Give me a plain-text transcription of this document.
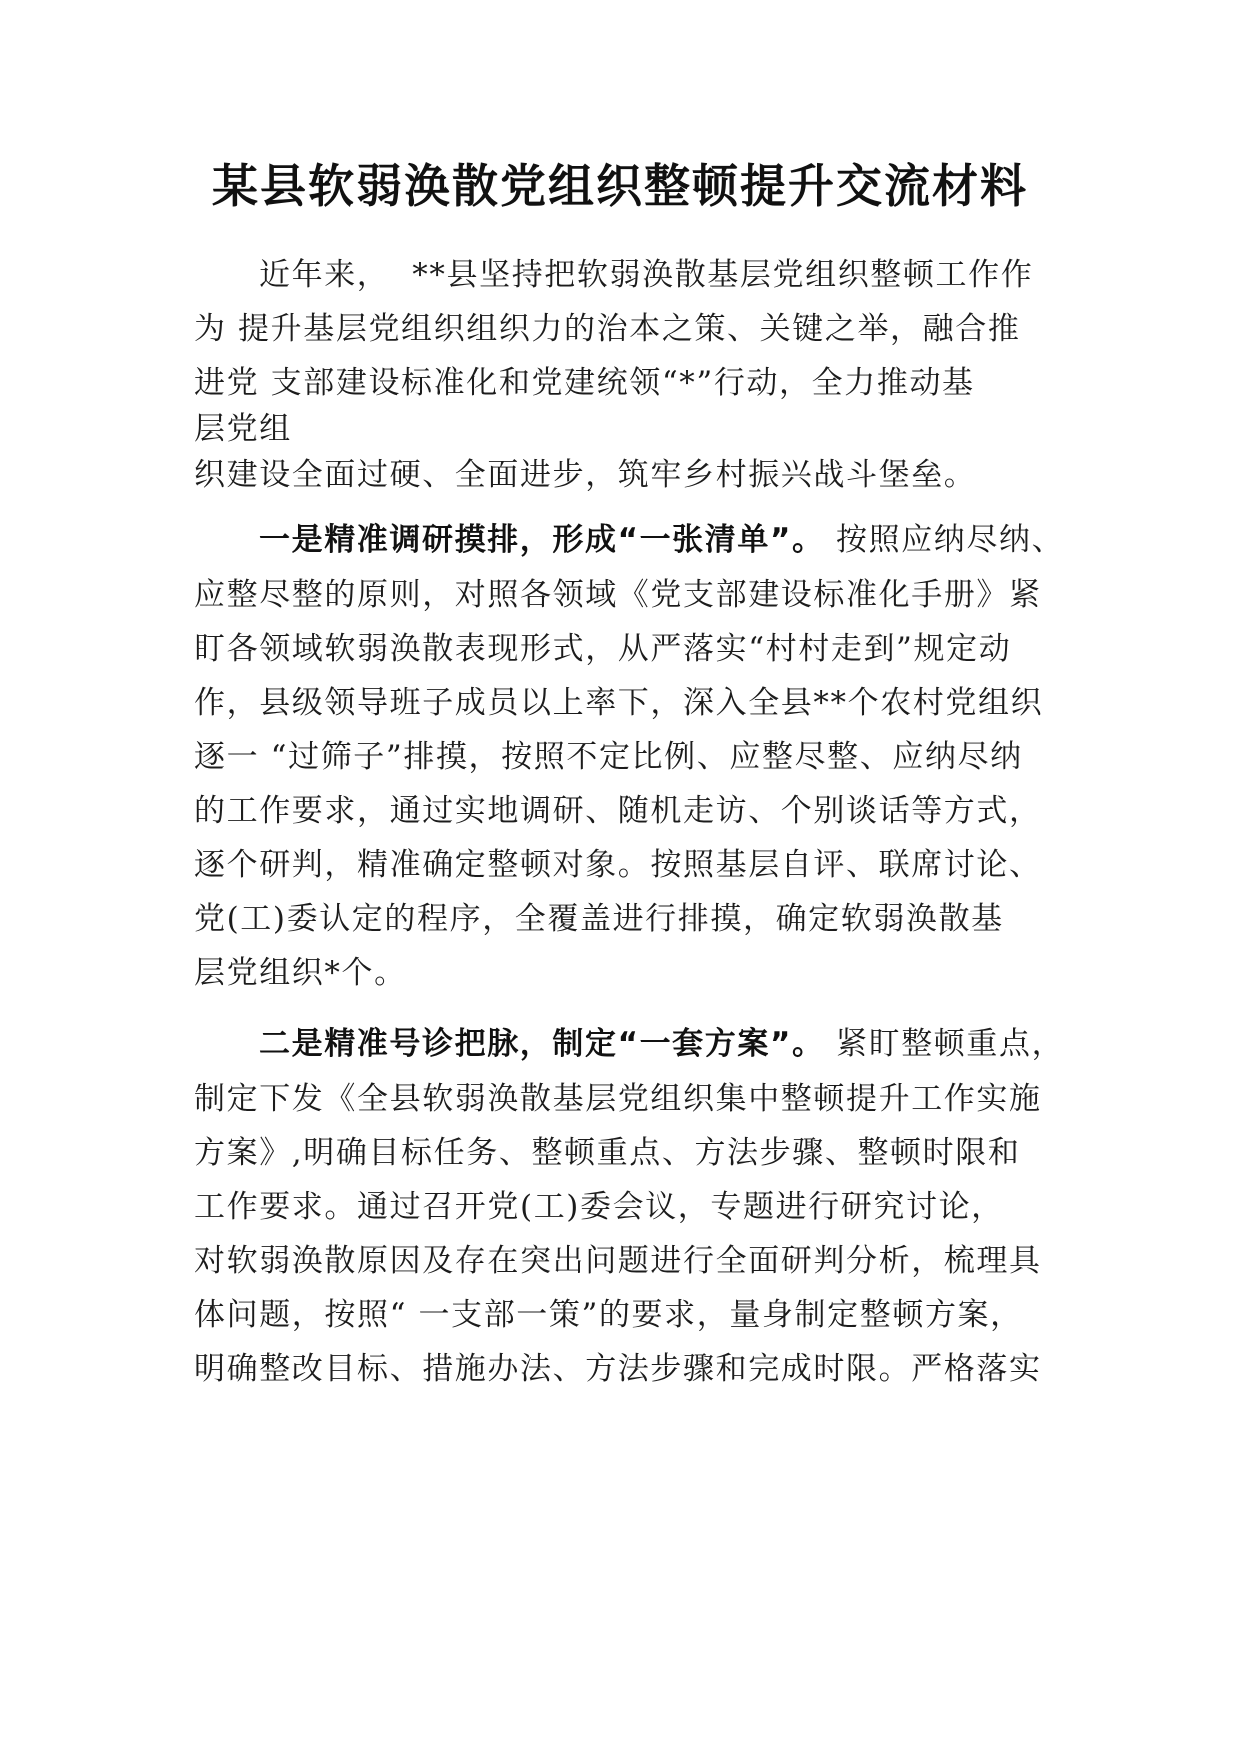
某县软弱涣散党组织整顿提升交流材料

近年来，  **县坚持把软弱涣散基层党组织整顿工作作

为 提升基层党组织组织力的治本之策、关键之举，融合推

进党 支部建设标准化和党建统领“*”行动，全力推动基

层党组

织建设全面过硬、全面进步，筑牢乡村振兴战斗堡垒。

一是精准调研摸排，形成“一张清单”。 按照应纳尽纳、

应整尽整的原则，对照各领域《党支部建设标准化手册》紧

盯各领域软弱涣散表现形式，从严落实“村村走到”规定动

作，县级领导班子成员以上率下，深入全县**个农村党组织

逐一 “过筛子”排摸，按照不定比例、应整尽整、应纳尽纳

的工作要求，通过实地调研、随机走访、个别谈话等方式，

逐个研判，精准确定整顿对象。按照基层自评、联席讨论、

党(工)委认定的程序，全覆盖进行排摸，确定软弱涣散基

层党组织*个。

二是精准号诊把脉，制定“一套方案”。 紧盯整顿重点，

制定下发《全县软弱涣散基层党组织集中整顿提升工作实施

方案》,明确目标任务、整顿重点、方法步骤、整顿时限和

工作要求。通过召开党(工)委会议，专题进行研究讨论，

对软弱涣散原因及存在突出问题进行全面研判分析，梳理具

体问题，按照“ 一支部一策”的要求，量身制定整顿方案，

明确整改目标、措施办法、方法步骤和完成时限。严格落实
